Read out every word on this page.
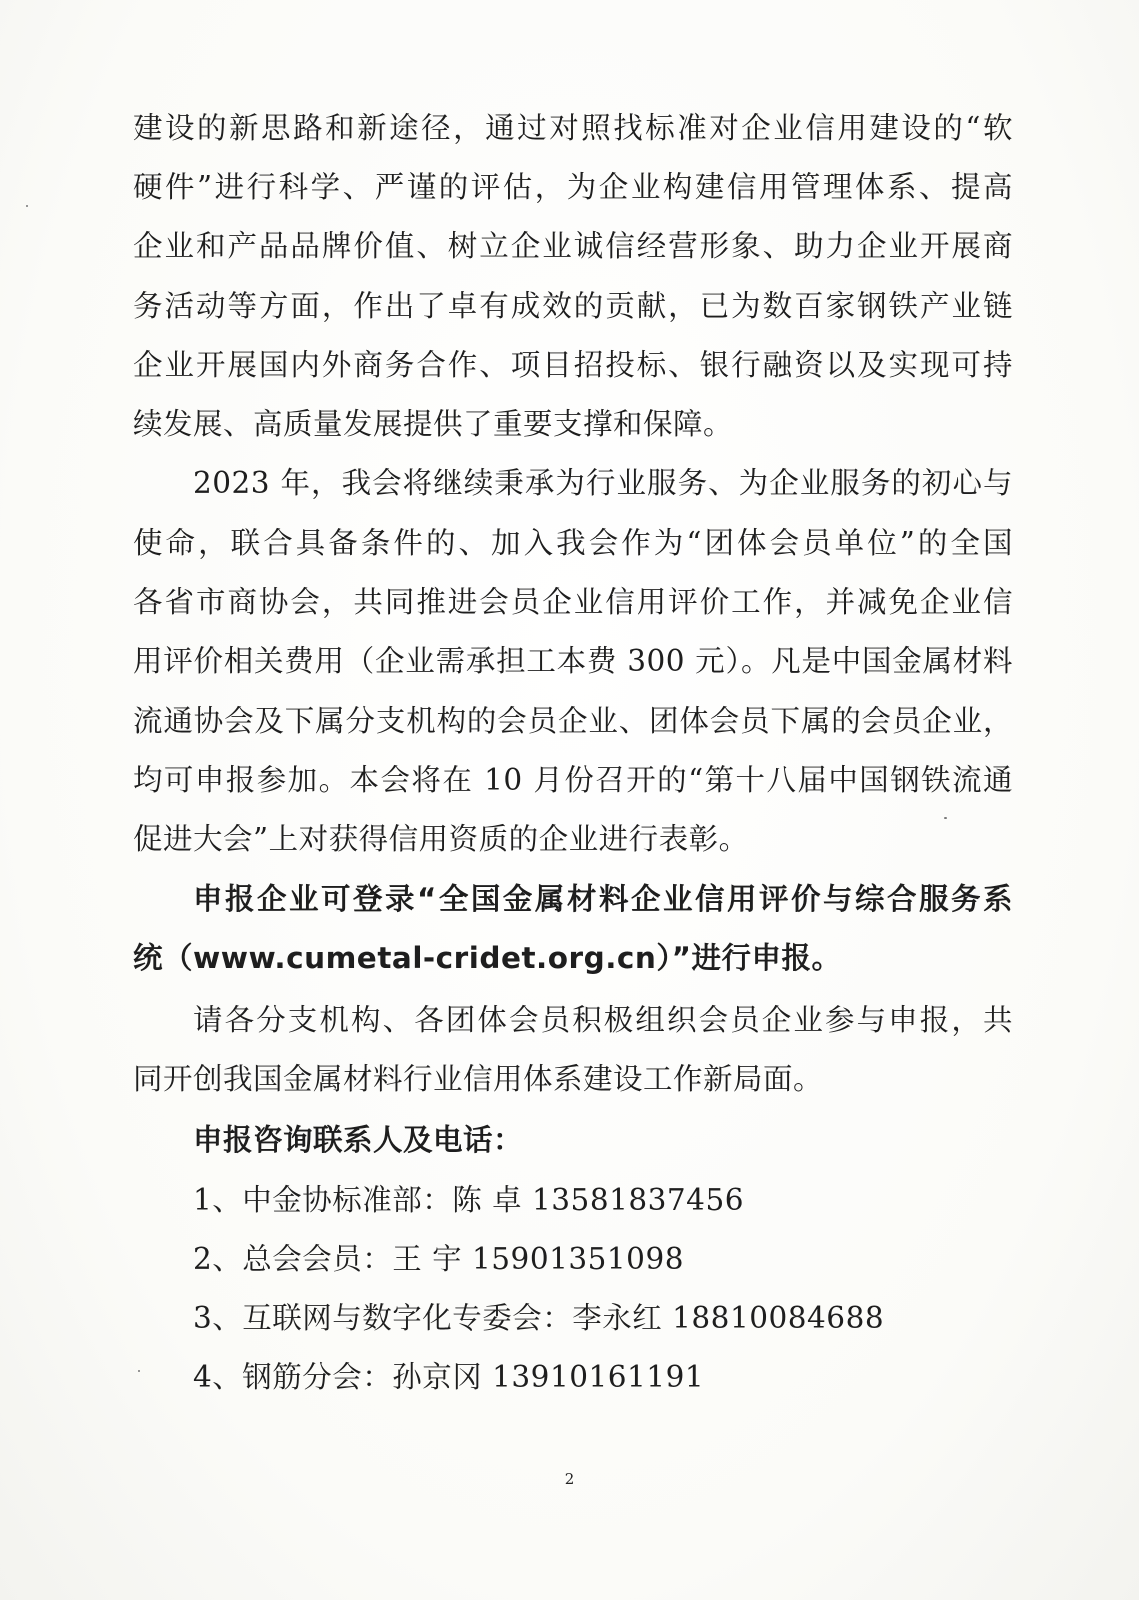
建设的新思路和新途径，通过对照找标准对企业信用建设的“软
硬件”进行科学、严谨的评估，为企业构建信用管理体系、提高
企业和产品品牌价值、树立企业诚信经营形象、助力企业开展商
务活动等方面，作出了卓有成效的贡献，已为数百家钢铁产业链
企业开展国内外商务合作、项目招投标、银行融资以及实现可持
续发展、高质量发展提供了重要支撑和保障。
2023 年，我会将继续秉承为行业服务、为企业服务的初心与
使命，联合具备条件的、加入我会作为“团体会员单位”的全国
各省市商协会，共同推进会员企业信用评价工作，并减免企业信
用评价相关费用（企业需承担工本费 300 元）。凡是中国金属材料
流通协会及下属分支机构的会员企业、团体会员下属的会员企业，
均可申报参加。本会将在 10 月份召开的“第十八届中国钢铁流通
促进大会”上对获得信用资质的企业进行表彰。
申报企业可登录“全国金属材料企业信用评价与综合服务系
统（www.cumetal-cridet.org.cn）”进行申报。
请各分支机构、各团体会员积极组织会员企业参与申报，共
同开创我国金属材料行业信用体系建设工作新局面。
申报咨询联系人及电话：
1、中金协标准部：陈 卓 13581837456
2、总会会员：王 宇 15901351098
3、互联网与数字化专委会：李永红 18810084688
4、钢筋分会：孙京冈 13910161191
2
